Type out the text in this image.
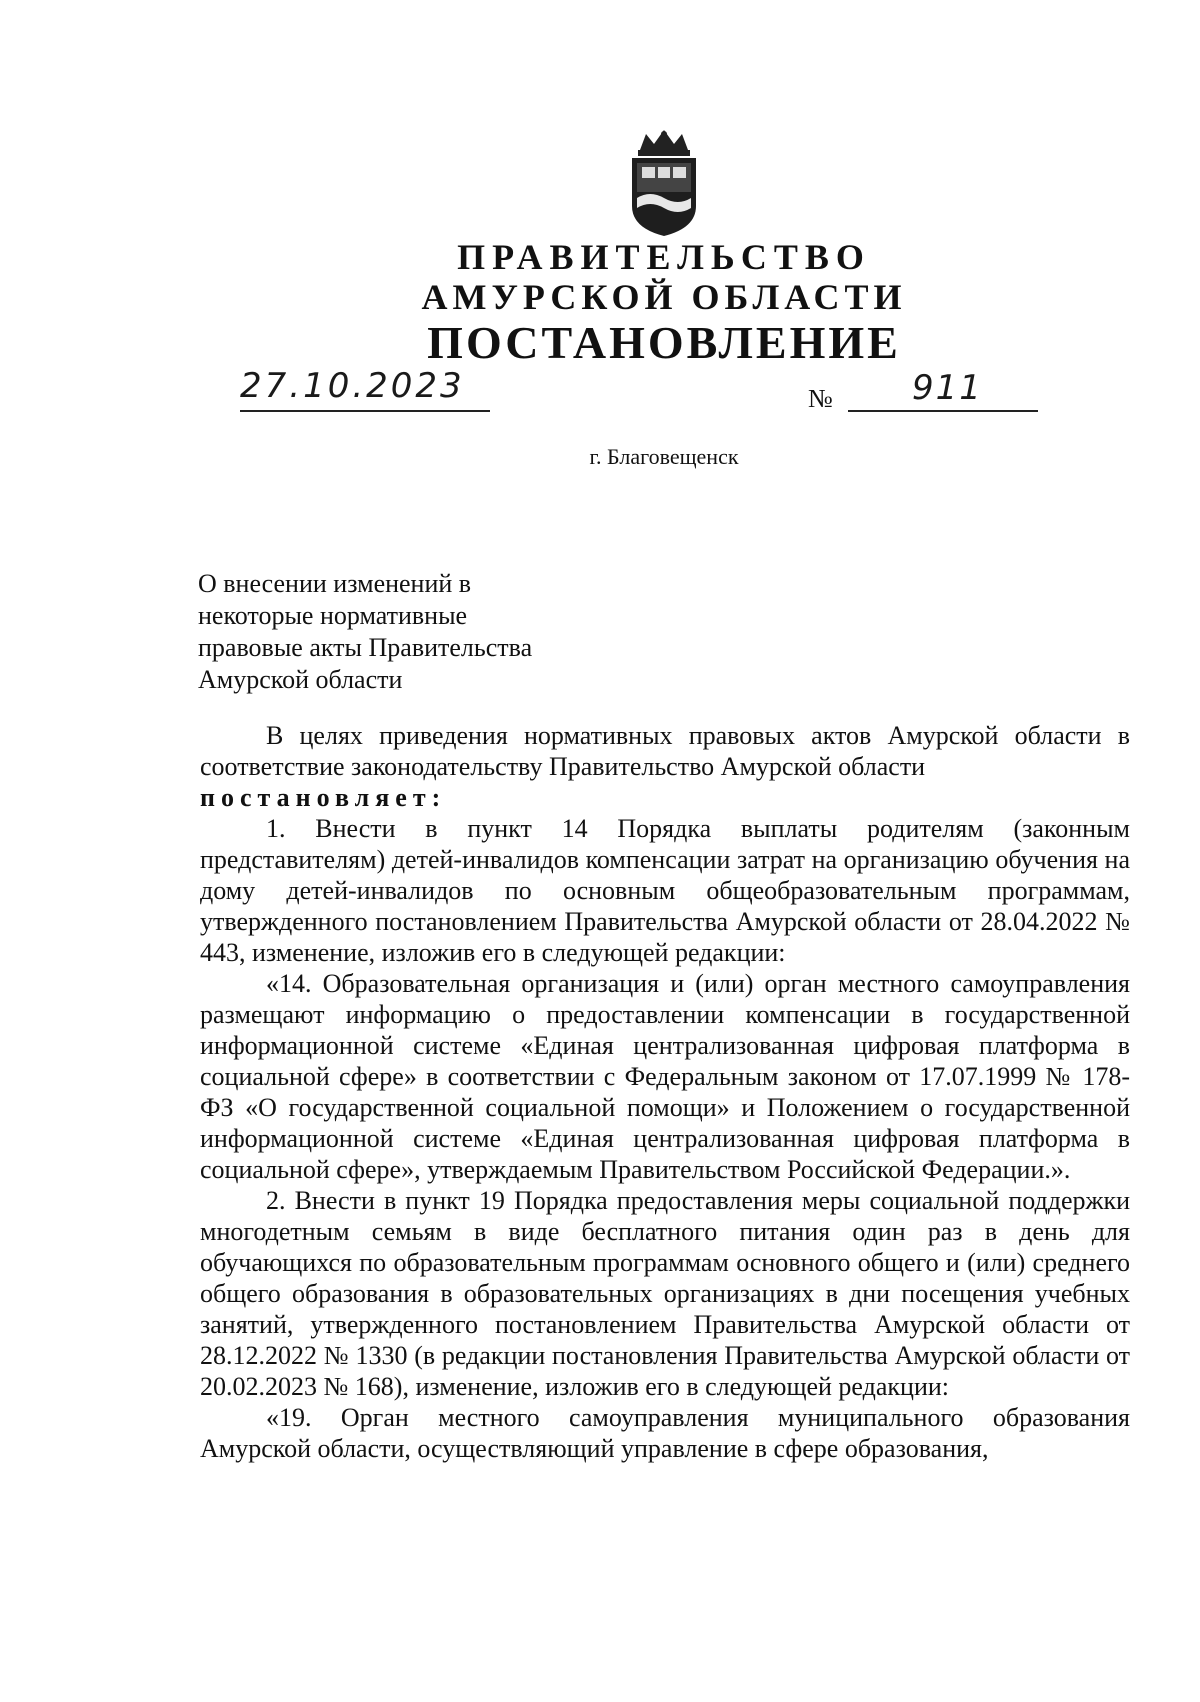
ПРАВИТЕЛЬСТВО
АМУРСКОЙ ОБЛАСТИ
ПОСТАНОВЛЕНИЕ
27.10.2023	№ 911
г. Благовещенск
О внесении изменений в
некоторые нормативные
правовые акты Правительства
Амурской области

В целях приведения нормативных правовых актов Амурской области в соответствие законодательству Правительство Амурской области

постановляет:

1. Внести в пункт 14 Порядка выплаты родителям (законным представителям) детей-инвалидов компенсации затрат на организацию обучения на дому детей-инвалидов по основным общеобразовательным программам, утвержденного постановлением Правительства Амурской области от 28.04.2022 № 443, изменение, изложив его в следующей редакции:

«14. Образовательная организация и (или) орган местного самоуправления размещают информацию о предоставлении компенсации в государственной информационной системе «Единая централизованная цифровая платформа в социальной сфере» в соответствии с Федеральным законом от 17.07.1999 № 178-ФЗ «О государственной социальной помощи» и Положением о государственной информационной системе «Единая централизованная цифровая платформа в социальной сфере», утверждаемым Правительством Российской Федерации.».

2. Внести в пункт 19 Порядка предоставления меры социальной поддержки многодетным семьям в виде бесплатного питания один раз в день для обучающихся по образовательным программам основного общего и (или) среднего общего образования в образовательных организациях в дни посещения учебных занятий, утвержденного постановлением Правительства Амурской области от 28.12.2022 № 1330 (в редакции постановления Правительства Амурской области от 20.02.2023 № 168), изменение, изложив его в следующей редакции:

«19. Орган местного самоуправления муниципального образования Амурской области, осуществляющий управление в сфере образования,
